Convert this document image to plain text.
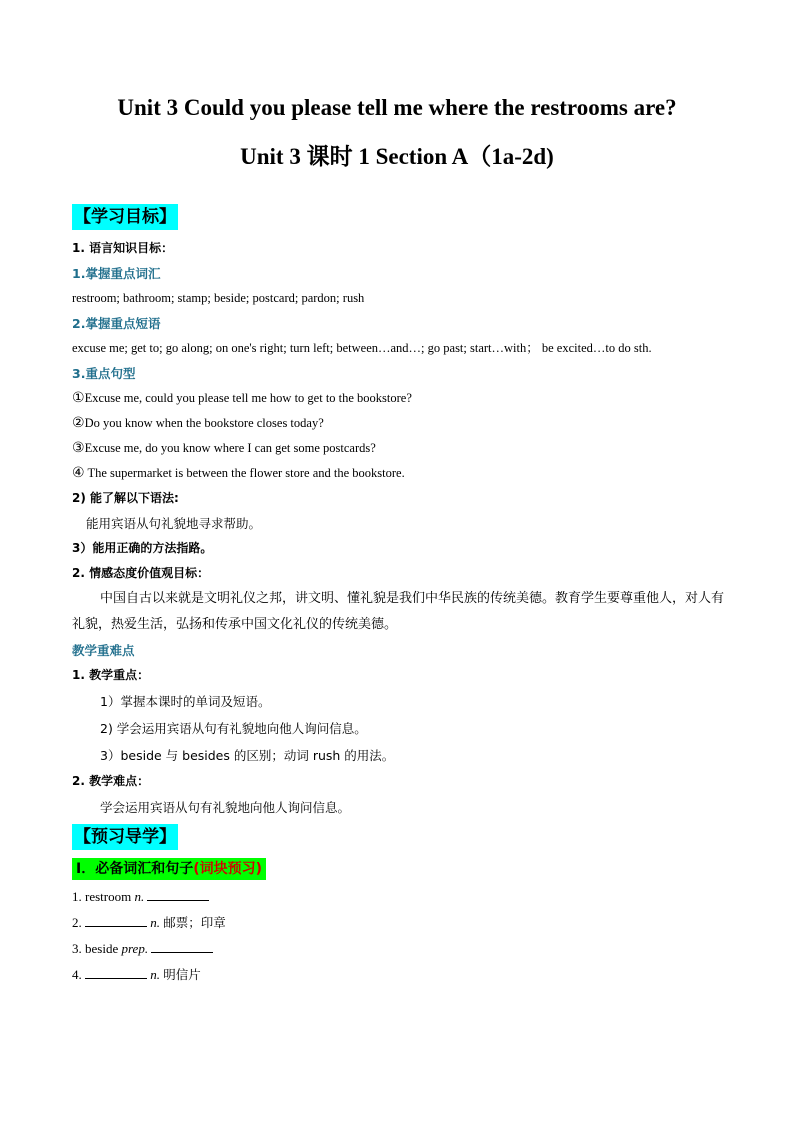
Unit 3 Could you please tell me where the restrooms are?
Unit 3 课时 1 Section A（1a-2d)
【学习目标】
1. 语言知识目标：
1.掌握重点词汇
restroom; bathroom; stamp; beside; postcard; pardon; rush
2.掌握重点短语
excuse me; get to; go along; on one's right; turn left; between…and…; go past; start…with； be excited…to do sth.
3.重点句型
①Excuse me, could you please tell me how to get to the bookstore?
②Do you know when the bookstore closes today?
③Excuse me, do you know where I can get some postcards?
④ The supermarket is between the flower store and the bookstore.
2) 能了解以下语法:
能用宾语从句礼貌地寻求帮助。
3）能用正确的方法指路。
2. 情感态度价值观目标：
中国自古以来就是文明礼仪之邦，讲文明、懂礼貌是我们中华民族的传统美德。教育学生要尊重他人，对人有礼貌，热爱生活，弘扬和传承中国文化礼仪的传统美德。
教学重难点
1. 教学重点：
1）掌握本课时的单词及短语。
2) 学会运用宾语从句有礼貌地向他人询问信息。
3）beside 与 besides 的区别；动词 rush 的用法。
2. 教学难点：
学会运用宾语从句有礼貌地向他人询问信息。
【预习导学】
Ⅰ．必备词汇和句子(词块预习)
1. restroom n.
2.	n. 邮票；印章
3. beside prep.
4.	n. 明信片
